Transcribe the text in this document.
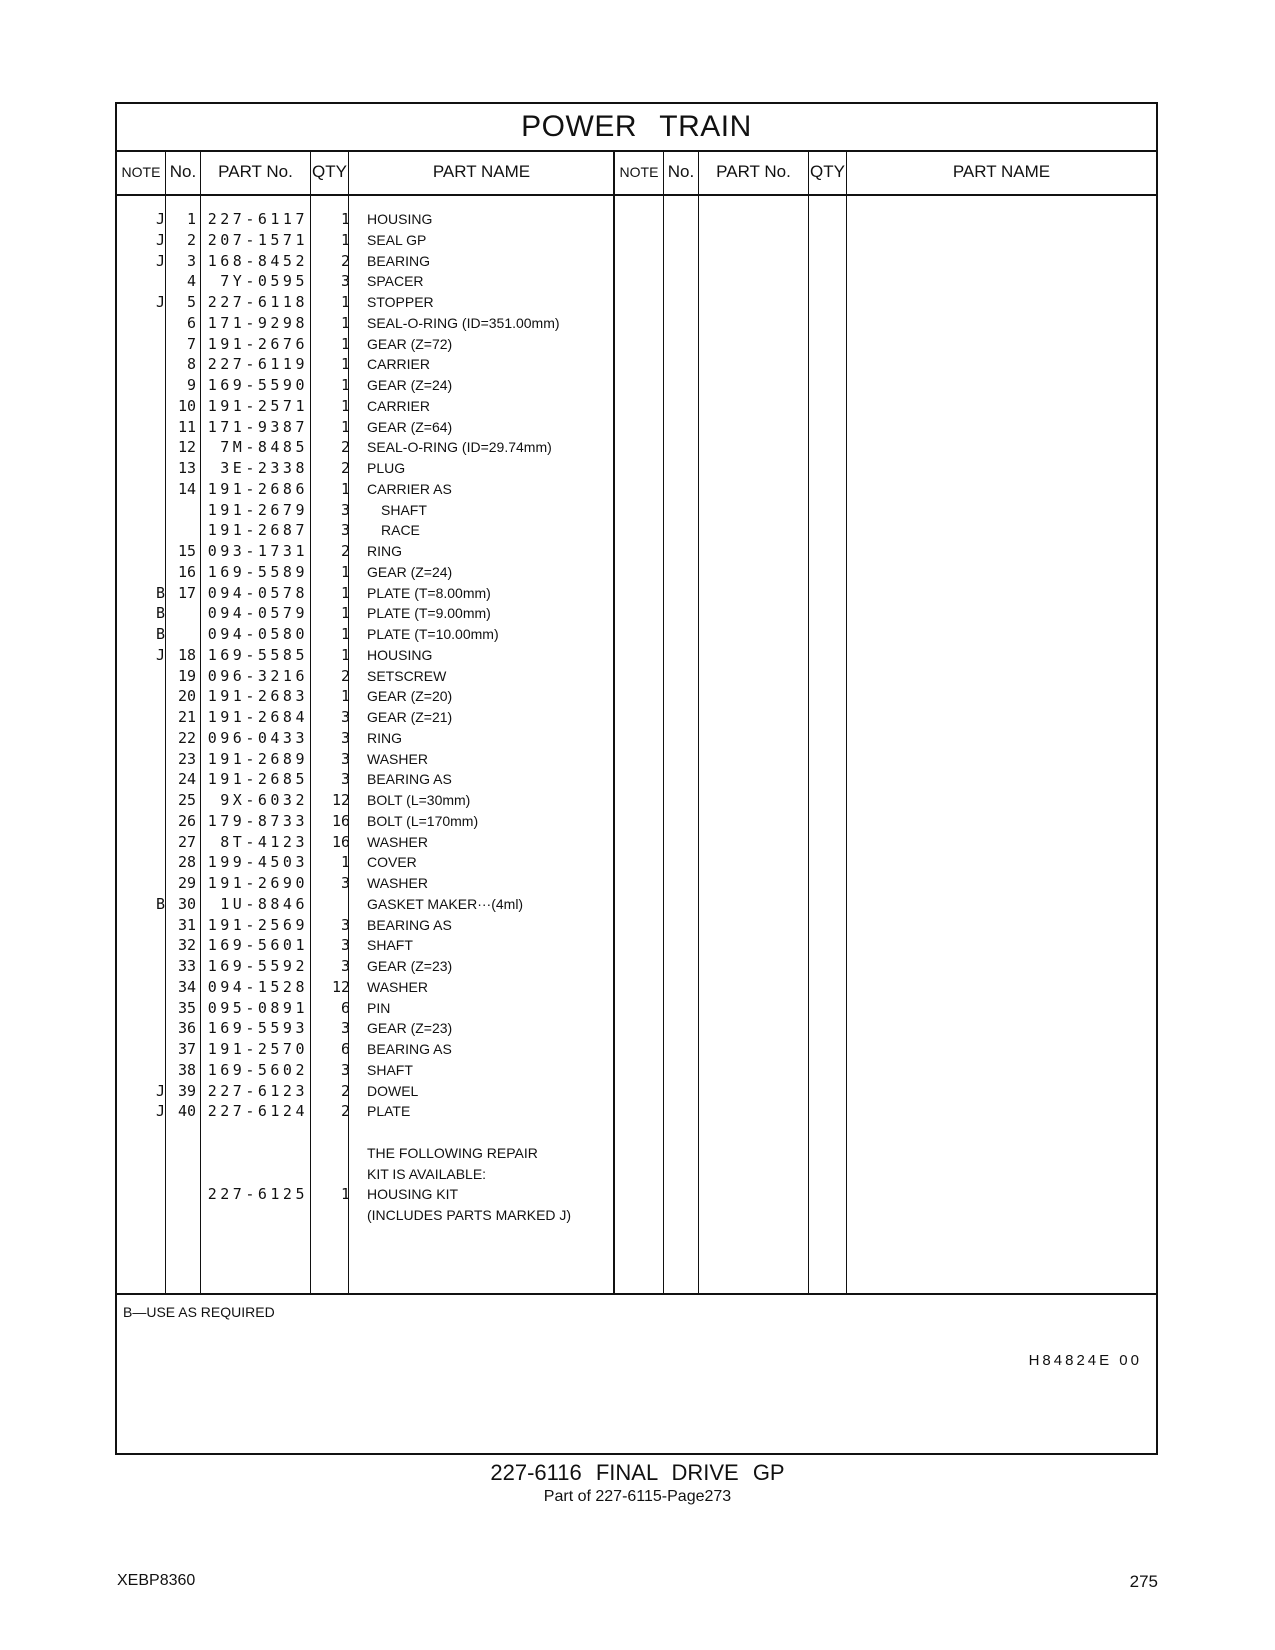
POWER TRAIN
NOTE No.	PART No.	QTY	PART NAME	NOTE No.	PART No.	QTY	PART NAME
J	1 227-6117	1 HOUSING
J	2 207-1571	1 SEAL GP
J	3 168-8452	2 BEARING
4	7Y-0595	3 SPACER
J	5 227-6118	1 STOPPER
6 171-9298	1 SEAL-O-RING (ID=351.00mm)
7 191-2676	1 GEAR (Z=72)
8 227-6119	1 CARRIER
9 169-5590	1 GEAR (Z=24)
10 191-2571	1 CARRIER
11 171-9387	1 GEAR (Z=64)
12	7M-8485	2 SEAL-O-RING (ID=29.74mm)
13	3E-2338	2 PLUG
14 191-2686	1 CARRIER AS
191-2679	3	SHAFT
191-2687	3	RACE
15 093-1731	2 RING
16 169-5589	1 GEAR (Z=24)
B 17 094-0578	1 PLATE (T=8.00mm)
B	094-0579	1 PLATE (T=9.00mm)
B	094-0580	1 PLATE (T=10.00mm)
J 18 169-5585	1 HOUSING
19 096-3216	2 SETSCREW
20 191-2683	1 GEAR (Z=20)
21 191-2684	3 GEAR (Z=21)
22 096-0433	3 RING
23 191-2689	3 WASHER
24 191-2685	3 BEARING AS
25	9X-6032	12 BOLT (L=30mm)
26 179-8733	16 BOLT (L=170mm)
27	8T-4123	16 WASHER
28 199-4503	1 COVER
29 191-2690	3 WASHER
B 30	1U-8846	GASKET MAKER···(4ml)
31 191-2569	3 BEARING AS
32 169-5601	3 SHAFT
33 169-5592	3 GEAR (Z=23)
34 094-1528	12 WASHER
35 095-0891	6 PIN
36 169-5593	3 GEAR (Z=23)
37 191-2570	6 BEARING AS
38 169-5602	3 SHAFT
J 39 227-6123	2 DOWEL
J 40 227-6124	2 PLATE
THE FOLLOWING REPAIR
KIT IS AVAILABLE:
227-6125	1 HOUSING KIT
(INCLUDES PARTS MARKED J)
B—USE AS REQUIRED
H84824E 00
227-6116 FINAL DRIVE GP
Part of 227-6115-Page273
XEBP8360	275
